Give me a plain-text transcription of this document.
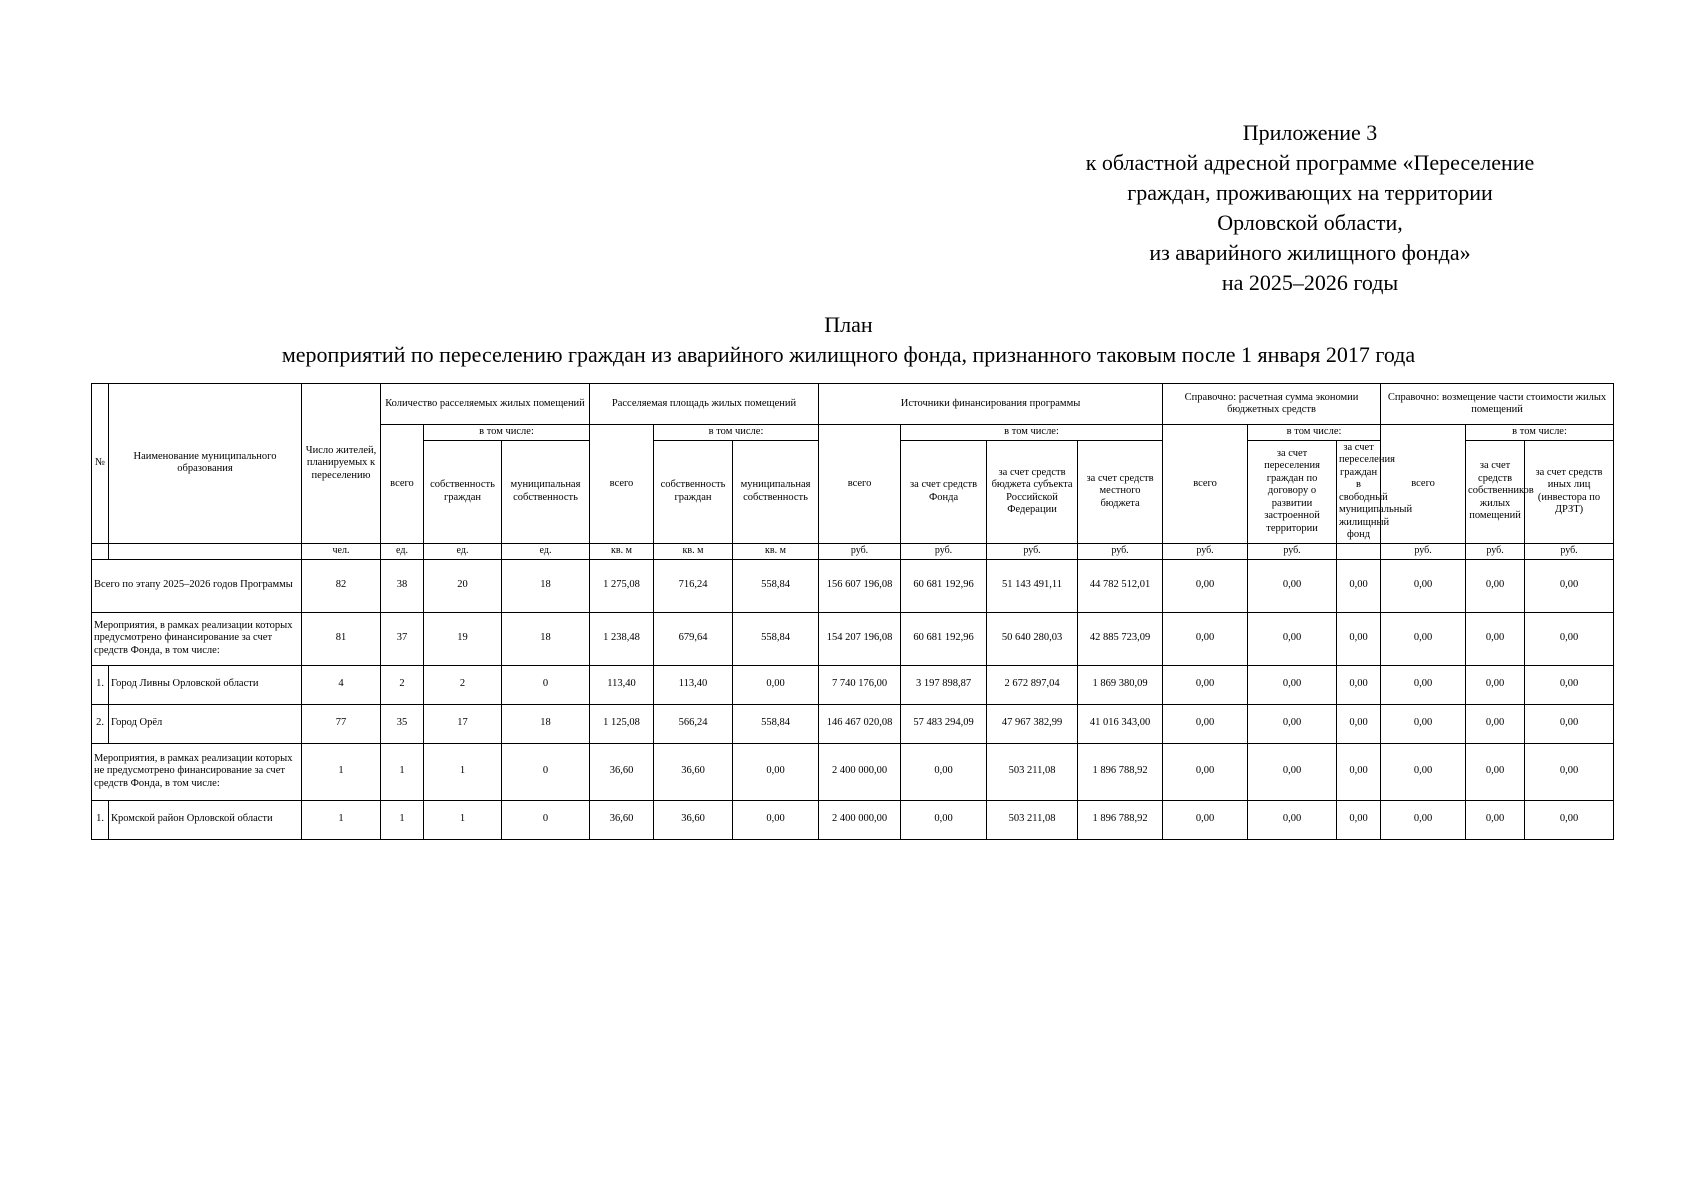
Приложение 3
к областной адресной программе «Переселение
граждан, проживающих на территории
Орловской области,
из аварийного жилищного фонда»
на 2025–2026 годы
План
мероприятий по переселению граждан из аварийного жилищного фонда, признанного таковым после 1 января 2017 года
№	Наименование муниципального образования	Число жителей, планируемых к переселению	Количество расселяемых жилых помещений			Расселяемая площадь жилых помещений			Источники финансирования программы				Справочно: расчетная сумма экономии бюджетных средств			Справочно: возмещение части стоимости жилых помещений		
			всего	в том числе:		всего	в том числе:		всего	в том числе:			всего	в том числе:		всего	в том числе:	
				собственность граждан	муниципальная собственность		собственность граждан	муниципальная собственность		за счет средств Фонда	за счет средств бюджета субъекта Российской Федерации	за счет средств местного бюджета		за счет переселения граждан по договору о развитии застроенной территории	за счет переселения граждан в свободный муниципальный жилищный фонд		за счет средств собственников жилых помещений	за счет средств иных лиц (инвестора по ДРЗТ)
		чел.	ед.	ед.	ед.	кв. м	кв. м	кв. м	руб.	руб.	руб.	руб.	руб.	руб.		руб.	руб.	руб.
Всего по этапу 2025–2026 годов Программы		82	38	20	18	1 275,08	716,24	558,84	156 607 196,08	60 681 192,96	51 143 491,11	44 782 512,01	0,00	0,00	0,00	0,00	0,00	0,00
Мероприятия, в рамках реализации которых предусмотрено финансирование за счет средств Фонда, в том числе:		81	37	19	18	1 238,48	679,64	558,84	154 207 196,08	60 681 192,96	50 640 280,03	42 885 723,09	0,00	0,00	0,00	0,00	0,00	0,00
1.	Город Ливны Орловской области	4	2	2	0	113,40	113,40	0,00	7 740 176,00	3 197 898,87	2 672 897,04	1 869 380,09	0,00	0,00	0,00	0,00	0,00	0,00
2.	Город Орёл	77	35	17	18	1 125,08	566,24	558,84	146 467 020,08	57 483 294,09	47 967 382,99	41 016 343,00	0,00	0,00	0,00	0,00	0,00	0,00
Мероприятия, в рамках реализации которых не предусмотрено финансирование за счет средств Фонда, в том числе:		1	1	1	0	36,60	36,60	0,00	2 400 000,00	0,00	503 211,08	1 896 788,92	0,00	0,00	0,00	0,00	0,00	0,00
1.	Кромской район Орловской области	1	1	1	0	36,60	36,60	0,00	2 400 000,00	0,00	503 211,08	1 896 788,92	0,00	0,00	0,00	0,00	0,00	0,00
